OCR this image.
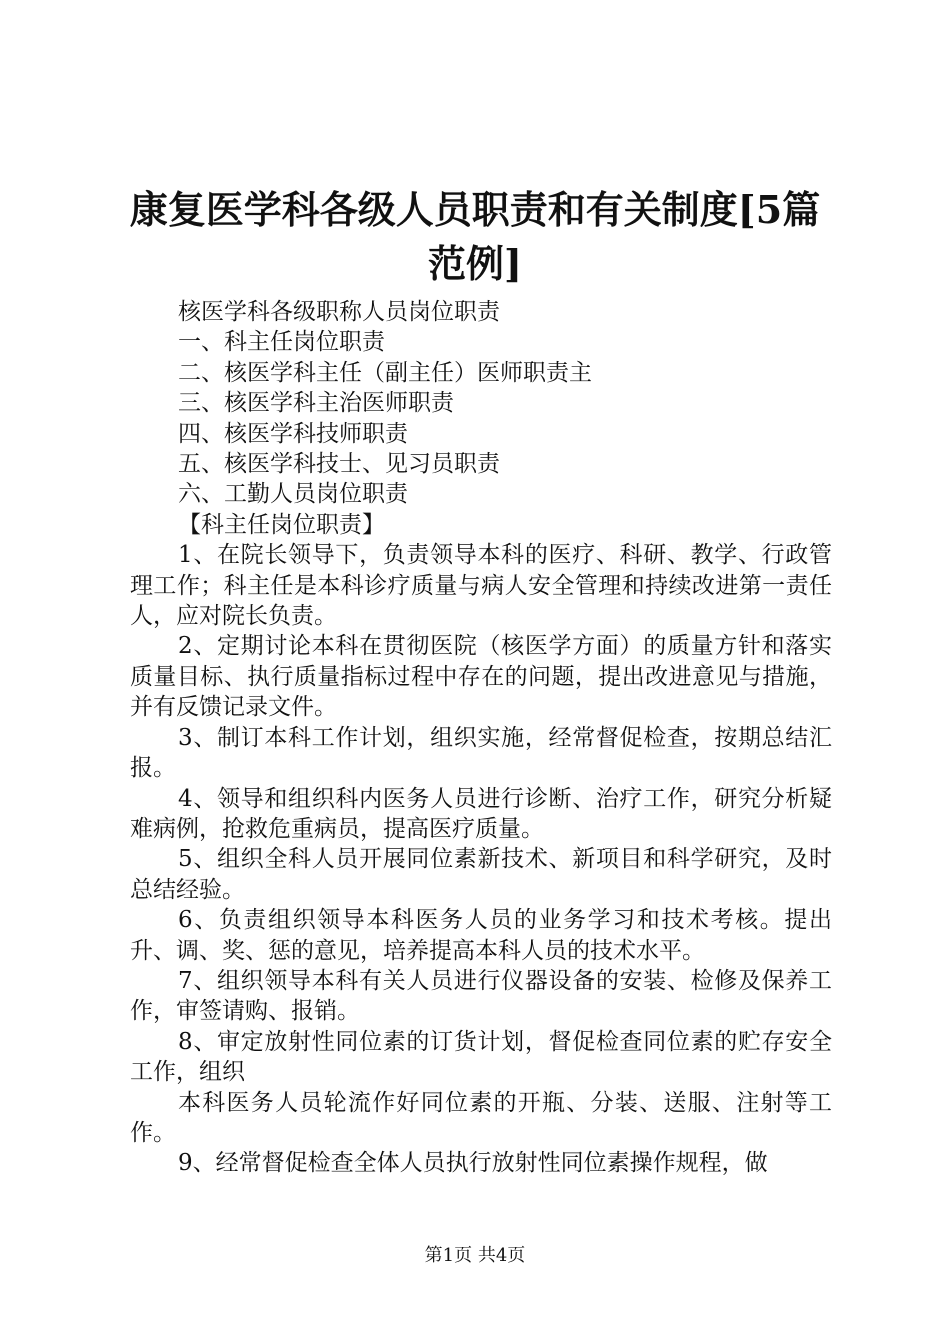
康复医学科各级人员职责和有关制度[5篇范例]
核医学科各级职称人员岗位职责
一、科主任岗位职责
二、核医学科主任（副主任）医师职责主
三、核医学科主治医师职责
四、核医学科技师职责
五、核医学科技士、见习员职责
六、工勤人员岗位职责
【科主任岗位职责】

1、在院长领导下，负责领导本科的医疗、科研、教学、行政管理工作；科主任是本科诊疗质量与病人安全管理和持续改进第一责任人，应对院长负责。

2、定期讨论本科在贯彻医院（核医学方面）的质量方针和落实质量目标、执行质量指标过程中存在的问题，提出改进意见与措施，并有反馈记录文件。

3、制订本科工作计划，组织实施，经常督促检查，按期总结汇报。

4、领导和组织科内医务人员进行诊断、治疗工作，研究分析疑难病例，抢救危重病员，提高医疗质量。

5、组织全科人员开展同位素新技术、新项目和科学研究，及时总结经验。

6、负责组织领导本科医务人员的业务学习和技术考核。提出升、调、奖、惩的意见，培养提高本科人员的技术水平。

7、组织领导本科有关人员进行仪器设备的安装、检修及保养工作，审签请购、报销。

8、审定放射性同位素的订货计划，督促检查同位素的贮存安全工作，组织

本科医务人员轮流作好同位素的开瓶、分装、送服、注射等工作。

9、经常督促检查全体人员执行放射性同位素操作规程，做

第1页 共4页
